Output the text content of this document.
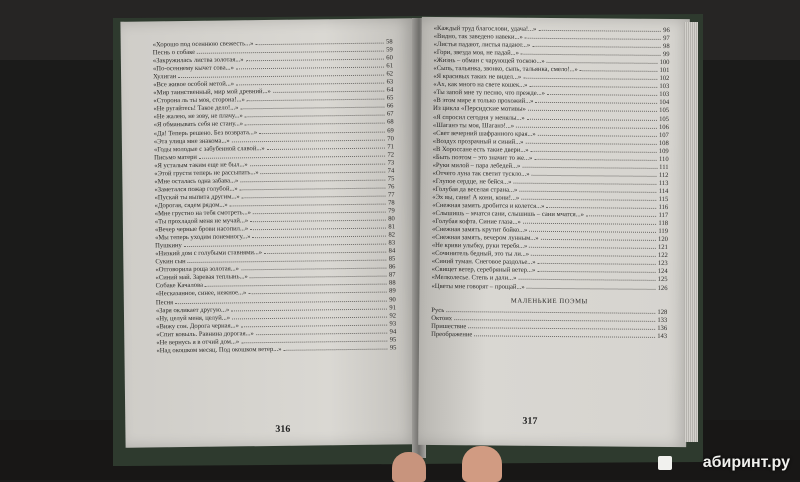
«Хорошо под осеннюю свежесть...»	58
Песнь о собаке	59
«Закружилась листва золотая...»	60
«По-осеннему кычет сова...»	61
Хулиган	62
«Все живое особой метой...»	63
«Мир таинственный, мир мой древний...»	64
«Сторона ль ты моя, сторона!...»	65
«Не ругайтесь! Такое дело!...»	66
«Не жалею, не зову, не плачу...»	67
«Я обманывать себя не стану...»	68
«Да! Теперь решено. Без возврата...»	69
«Эта улица мне знакома...»	70
«Годы молодые с забубенной славой...»	71
Письмо матери	72
«Я усталым таким еще не был...»	73
«Этой грусти теперь не рассыпать...»	74
«Мне осталась одна забава...»	75
«Заметался пожар голубой...»	76
«Пускай ты выпита другим...»	77
«Дорогая, сядем рядом...»	78
«Мне грустно на тебя смотреть...»	79
«Ты прохладой меня не мучай...»	80
«Вечер черные брови насопил...»	81
«Мы теперь уходим понемногу...»	82
Пушкину	83
«Низкий дом с голубыми ставнями...»	84
Сукин сын	85
«Отговорила роща золотая...»	86
«Синий май. Заревая теплынь...»	87
Собаке Качалова	88
«Несказанное, синее, нежное...»	89
Песня	90
«Заря окликает другую...»	91
«Ну, целуй меня, целуй...»	92
«Вижу сон. Дорога черная...»	93
«Спит ковыль. Равнина дорогая...»	94
«Не вернусь я в отчий дом...»	95
«Над окошком месяц. Под окошком ветер...»	95
316
«Каждый труд благослови, удача!...»	96
«Видно, так заведено навеки...»	97
«Листья падают, листья падают...»	98
«Гори, звезда моя, не падай...»	99
«Жизнь – обман с чарующей тоскою...»	100
«Сыпь, тальянка, звонко, сыпь, тальянка, смело!...»	101
«Я красивых таких не видел...»	102
«Ах, как много на свете кошек...»	103
«Ты запой мне ту песню, что прежде...»	103
«В этом мире я только прохожий...»	104
Из цикла «Персидские мотивы»	105
«Я спросил сегодня у менялы...»	105
«Шаганэ ты моя, Шаганэ!...»	106
«Свет вечерний шафранного края...»	107
«Воздух прозрачный и синий...»	108
«В Хороссане есть такие двери...»	109
«Быть поэтом – это значит то же...»	110
«Руки милой – пара лебедей...»	111
«Отчего луна так светит тускло...»	112
«Глупое сердце, не бейся...»	113
«Голубая да веселая страна...»	114
«Эх вы, сани! А кони, кони!...»	115
«Снежная замять дробится и колется...»	116
«Слышишь – мчатся сани, слышишь – сани мчатся...»	117
«Голубая кофта. Синие глаза...»	118
«Снежная замять крутит бойко...»	119
«Снежная замять, вечером лунным...»	120
«Не криви улыбку, руки теребя...»	121
«Сочинитель бедный, это ты ли...»	122
«Синий туман. Снеговое раздолье...»	123
«Свищет ветер, серебряный ветер...»	124
«Мелколесье. Степь и дали...»	125
«Цветы мне говорят – прощай...»	126
МАЛЕНЬКИЕ ПОЭМЫ
Русь	128
Октоих	133
Пришествие	136
Преображение	143
317
абиринт.ру
